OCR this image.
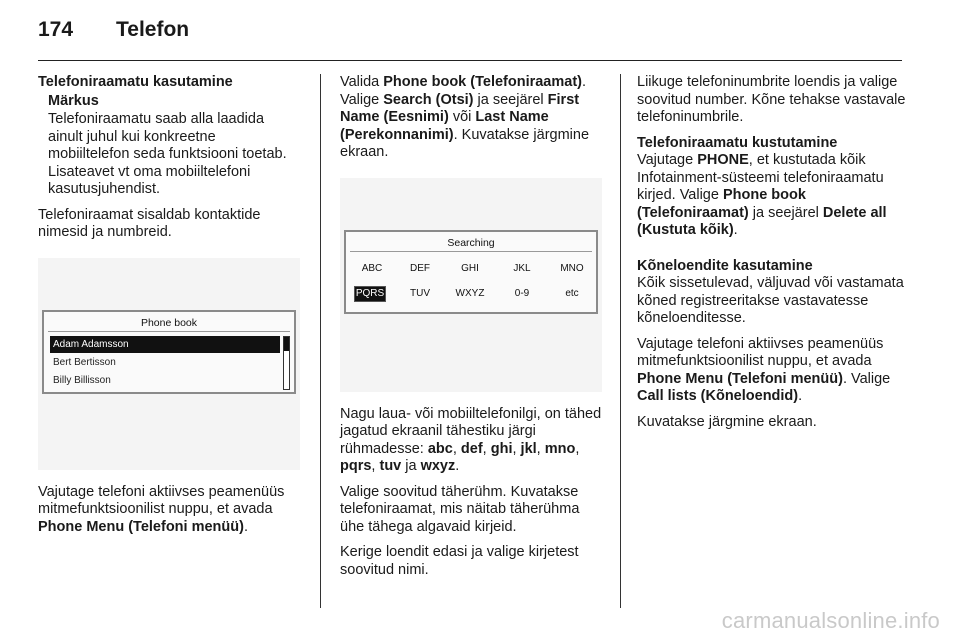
174	Telefon

Telefoniraamatu kasutamine

Märkus
Telefoniraamatu saab alla laadida ainult juhul kui konkreetne mobiiltelefon seda funktsiooni toetab. Lisateavet vt oma mobiiltelefoni kasutusjuhendist.

Telefoniraamat sisaldab kontaktide nimesid ja numbreid.

Phone book
Adam Adamsson
Bert Bertisson
Billy Billisson

Vajutage telefoni aktiivses peamenüüs mitmefunktsioonilist nuppu, et avada Phone Menu (Telefoni menüü).

Valida Phone book (Telefoniraamat). Valige Search (Otsi) ja seejärel First Name (Eesnimi) või Last Name (Perekonnanimi). Kuvatakse järgmine ekraan.

Searching
ABC	DEF	GHI	JKL	MNO
PQRS	TUV	WXYZ	0-9	etc

Nagu laua- või mobiiltelefonilgi, on tähed jagatud ekraanil tähestiku järgi rühmadesse: abc, def, ghi, jkl, mno, pqrs, tuv ja wxyz.

Valige soovitud täherühm. Kuvatakse telefoniraamat, mis näitab täherühma ühe tähega algavaid kirjeid.

Kerige loendit edasi ja valige kirjetest soovitud nimi.

Liikuge telefoninumbrite loendis ja valige soovitud number. Kõne tehakse vastavale telefoninumbrile.

Telefoniraamatu kustutamine

Vajutage PHONE, et kustutada kõik Infotainment-süsteemi telefoniraamatu kirjed. Valige Phone book (Telefoniraamat) ja seejärel Delete all (Kustuta kõik).

Kõneloendite kasutamine

Kõik sissetulevad, väljuvad või vastamata kõned registreeritakse vastavatesse kõneloenditesse.

Vajutage telefoni aktiivses peamenüüs mitmefunktsioonilist nuppu, et avada Phone Menu (Telefoni menüü). Valige Call lists (Kõneloendid).

Kuvatakse järgmine ekraan.

carmanualsonline.info
